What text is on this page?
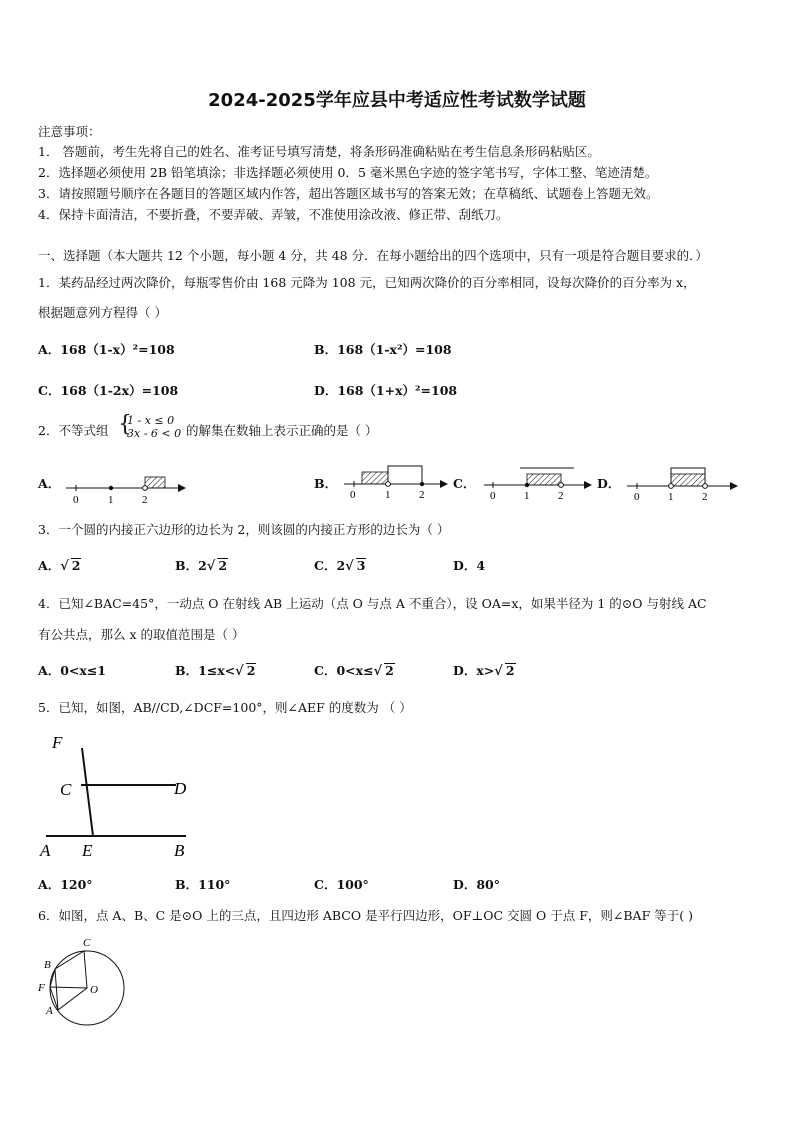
2024-2025学年应县中考适应性考试数学试题
注意事项：
1． 答题前，考生先将自己的姓名、准考证号填写清楚，将条形码准确粘贴在考生信息条形码粘贴区。
2．选择题必须使用 2B 铅笔填涂；非选择题必须使用 0．5 毫米黑色字迹的签字笔书写，字体工整、笔迹清楚。
3．请按照题号顺序在各题目的答题区域内作答，超出答题区域书写的答案无效；在草稿纸、试题卷上答题无效。
4．保持卡面清洁，不要折叠，不要弄破、弄皱，不准使用涂改液、修正带、刮纸刀。
一、选择题（本大题共 12 个小题，每小题 4 分，共 48 分．在每小题给出的四个选项中，只有一项是符合题目要求的．）
1．某药品经过两次降价，每瓶零售价由 168 元降为 108 元，已知两次降价的百分率相同，设每次降价的百分率为 x，
根据题意列方程得（ ）
A．168（1-x）²=108	B．168（1-x²）=108
C．168（1-2x）=108	D．168（1+x）²=108
2．不等式组 {
1 - x ≤ 0
3x - 6 < 0 的解集在数轴上表示正确的是（ ）
A．	B．	C．	D．
0	1	2	0	1	2	0	1	2	0	1	2
F
C	D
A E	B
C
B
F	O
A
3．一个圆的内接正六边形的边长为 2，则该圆的内接正方形的边长为（ ）
A．√ 2	B．2√ 2	C．2√ 3	D．4
4．已知∠BAC=45°，一动点 O 在射线 AB 上运动（点 O 与点 A 不重合），设 OA=x，如果半径为 1 的⊙O 与射线 AC
有公共点，那么 x 的取值范围是（ ）
A．0<x≤1	B．1≤x<√ 2	C．0<x≤√ 2	D．x>√ 2
5．已知，如图，AB//CD,∠DCF=100°，则∠AEF 的度数为 （ ）
A．120°	B．110°	C．100°	D．80°
6．如图，点 A、B、C 是⊙O 上的三点，且四边形 ABCO 是平行四边形，OF⊥OC 交圆 O 于点 F，则∠BAF 等于( )
